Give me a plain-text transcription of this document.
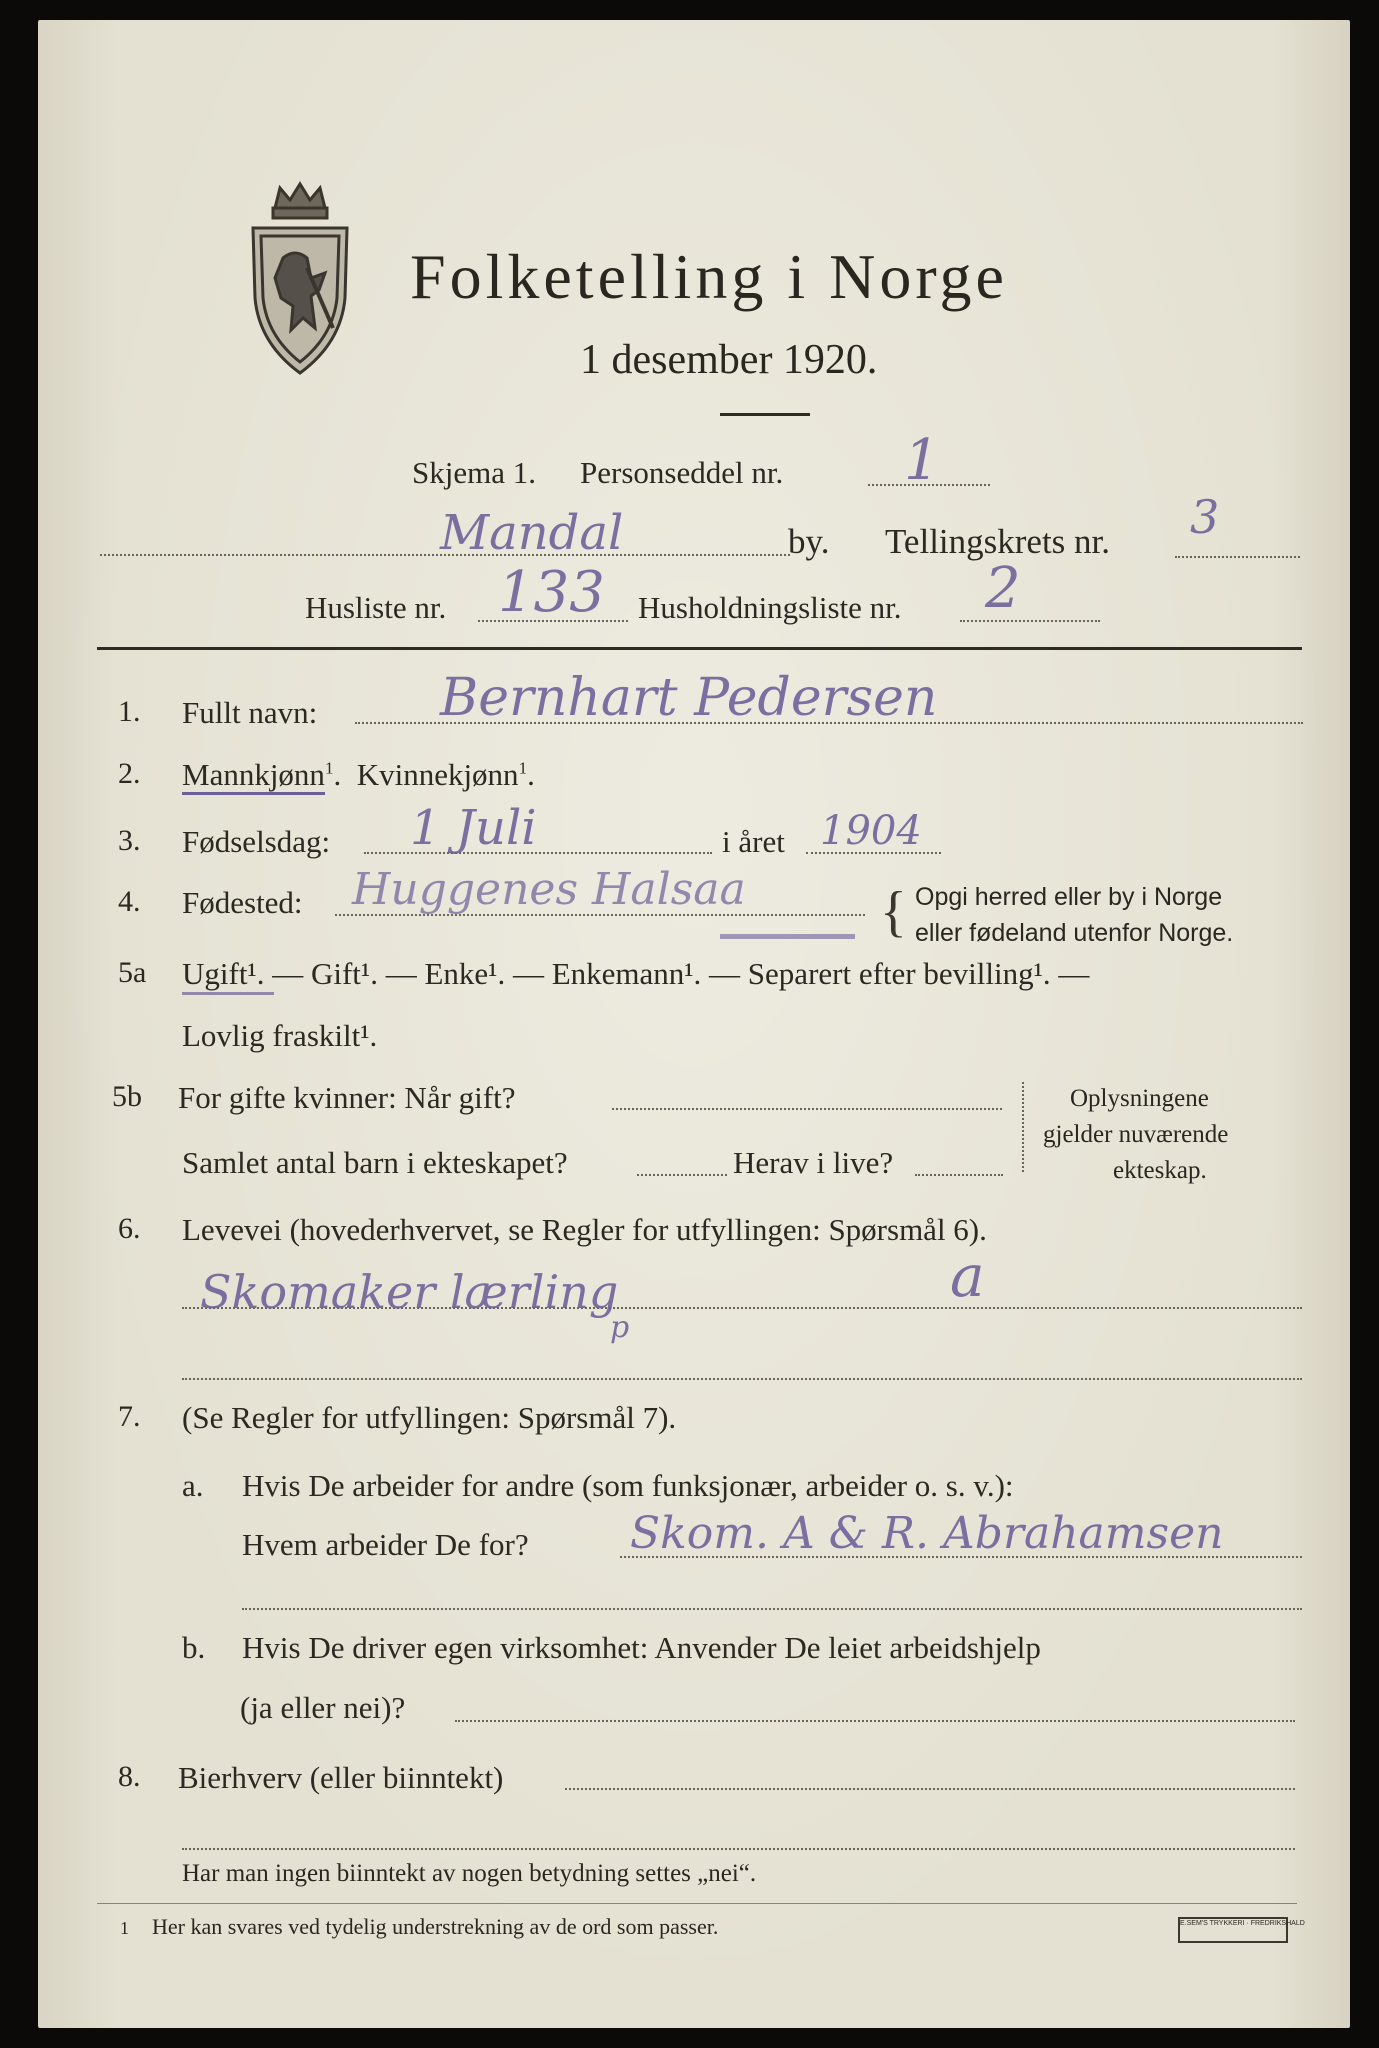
Folketelling i Norge
1 desember 1920.
Skjema 1. Personseddel nr. 1
Mandal	by. Tellingskrets nr. 3
Husliste nr. 133 Husholdningsliste nr. 2
1. Fullt navn: Bernhart Pedersen
2. Mannkjønn$^1$. Kvinnekjønn$^1$.
3. Fødselsdag: 1 Juli	i året 1904
4. Fødested: Huggenes Halsaa { Opgi herred eller by i Norge
eller fødeland utenfor Norge.
5a Ugift¹. — Gift¹. — Enke¹. — Enkemann¹. — Separert efter bevilling¹. —
Lovlig fraskilt¹.
5b For gifte kvinner: Når gift?
Samlet antal barn i ekteskapet?	Herav i live?
Oplysningene
gjelder nuværende
ekteskap.
6. Levevei (hovederhvervet, se Regler for utfyllingen: Spørsmål 6).
Skomaker lærling	a
p
7. (Se Regler for utfyllingen: Spørsmål 7).
a. Hvis De arbeider for andre (som funksjonær, arbeider o. s. v.):
Hvem arbeider De for? Skom. A & R. Abrahamsen
b. Hvis De driver egen virksomhet: Anvender De leiet arbeidshjelp
(ja eller nei)?
8. Bierhverv (eller biinntekt)
Har man ingen biinntekt av nogen betydning settes „nei“.
1 Her kan svares ved tydelig understrekning av de ord som passer.	E.SEM'S TRYKKERI · FREDRIKSHALD
